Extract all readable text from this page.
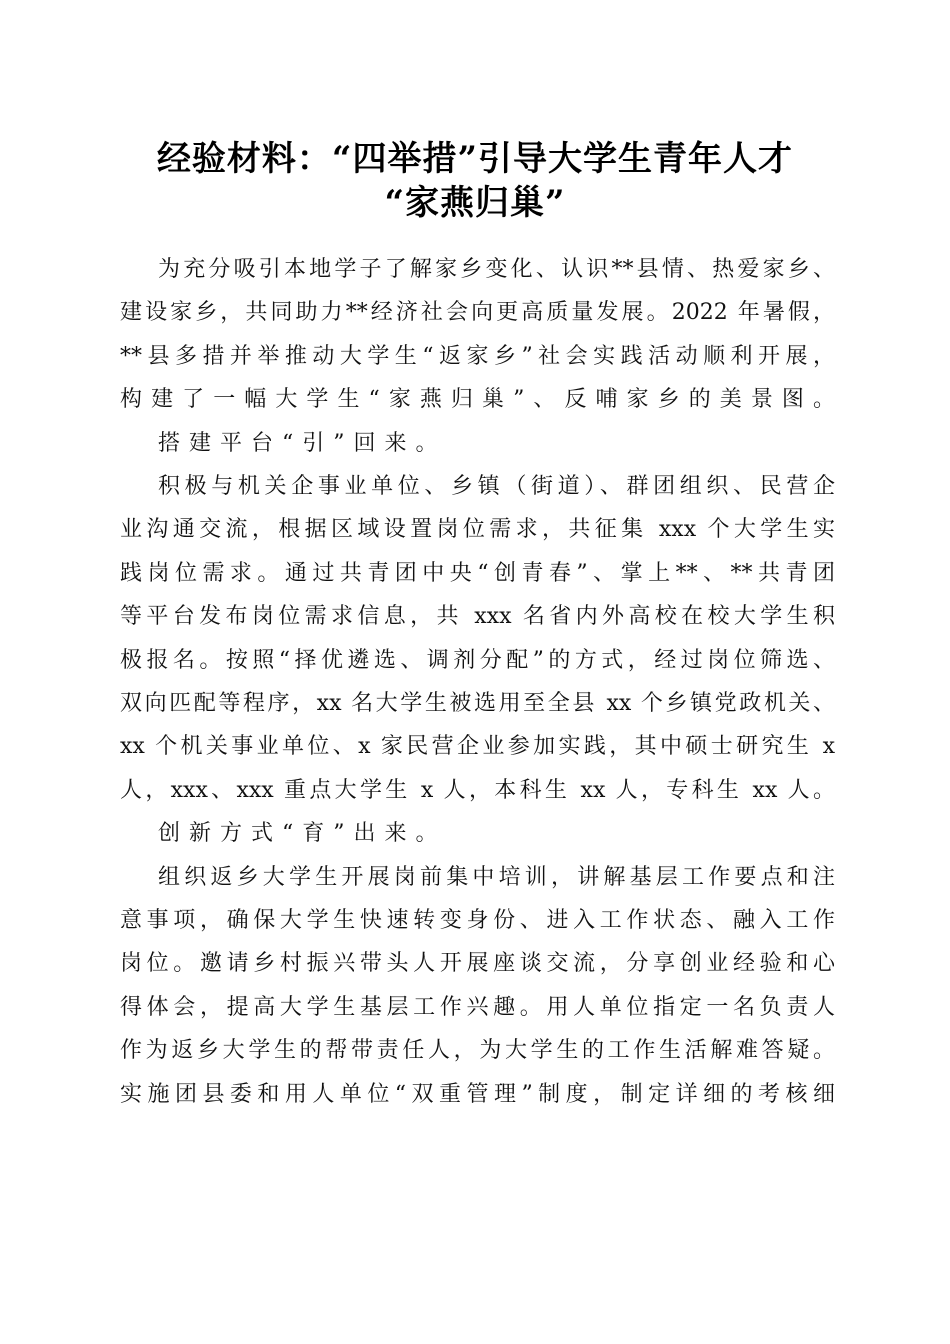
经验材料：“四举措”引导大学生青年人才
“家燕归巢”
为充分吸引本地学子了解家乡变化、认识**县情、热爱家乡、
建设家乡，共同助力**经济社会向更高质量发展。2022 年暑假，
**县多措并举推动大学生“返家乡”社会实践活动顺利开展，
构建了一幅大学生“家燕归巢”、反哺家乡的美景图。
搭建平台“引”回来。
积极与机关企事业单位、乡镇（街道）、群团组织、民营企
业沟通交流，根据区域设置岗位需求，共征集 xxx 个大学生实
践岗位需求。通过共青团中央“创青春”、掌上**、**共青团
等平台发布岗位需求信息，共 xxx 名省内外高校在校大学生积
极报名。按照“择优遴选、调剂分配”的方式，经过岗位筛选、
双向匹配等程序，xx 名大学生被选用至全县 xx 个乡镇党政机关、
xx 个机关事业单位、x 家民营企业参加实践，其中硕士研究生 x
人，xxx、xxx 重点大学生 x 人，本科生 xx 人，专科生 xx 人。
创新方式“育”出来。
组织返乡大学生开展岗前集中培训，讲解基层工作要点和注
意事项，确保大学生快速转变身份、进入工作状态、融入工作
岗位。邀请乡村振兴带头人开展座谈交流，分享创业经验和心
得体会，提高大学生基层工作兴趣。用人单位指定一名负责人
作为返乡大学生的帮带责任人，为大学生的工作生活解难答疑。
实施团县委和用人单位“双重管理”制度，制定详细的考核细
